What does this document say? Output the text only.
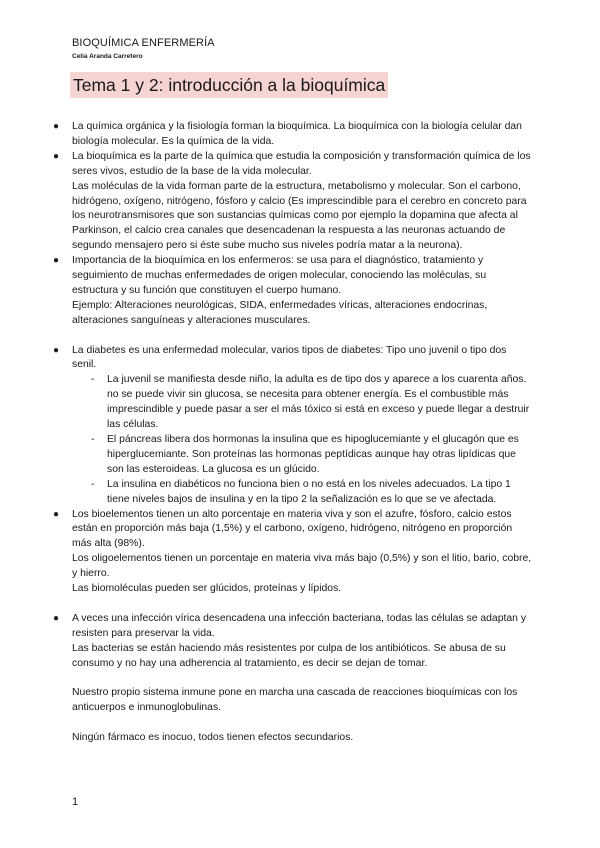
BIOQUÍMICA ENFERMERÍA
Celia Aranda Carretero
Tema 1 y 2: introducción a la bioquímica
● La química orgánica y la fisiología forman la bioquímica. La bioquímica con la biología celular dan biología molecular. Es la química de la vida.

● La bioquímica es la parte de la química que estudia la composición y transformación química de los seres vivos, estudio de la base de la vida molecular.

Las moléculas de la vida forman parte de la estructura, metabolismo y molecular. Son el carbono, hidrógeno, oxígeno, nitrógeno, fósforo y calcio (Es imprescindible para el cerebro en concreto para los neurotransmisores que son sustancias químicas como por ejemplo la dopamina que afecta al Parkinson, el calcio crea canales que desencadenan la respuesta a las neuronas actuando de segundo mensajero pero si éste sube mucho sus niveles podría matar a la neurona).

● Importancia de la bioquímica en los enfermeros: se usa para el diagnóstico, tratamiento y seguimiento de muchas enfermedades de origen molecular, conociendo las moléculas, su estructura y su función que constituyen el cuerpo humano.

Ejemplo: Alteraciones neurológicas, SIDA, enfermedades víricas, alteraciones endocrinas, alteraciones sanguíneas y alteraciones musculares.

● La diabetes es una enfermedad molecular, varios tipos de diabetes: Tipo uno juvenil o tipo dos senil.

- La juvenil se manifiesta desde niño, la adulta es de tipo dos y aparece a los cuarenta años. no se puede vivir sin glucosa, se necesita para obtener energía. Es el combustible más imprescindible y puede pasar a ser el más tóxico si está en exceso y puede llegar a destruir las células.

- El páncreas libera dos hormonas la insulina que es hipoglucemiante y el glucagón que es hiperglucemiante. Son proteínas las hormonas peptídicas aunque hay otras lipídicas que son las esteroideas. La glucosa es un glúcido.

- La insulina en diabéticos no funciona bien o no está en los niveles adecuados. La tipo 1 tiene niveles bajos de insulina y en la tipo 2 la señalización es lo que se ve afectada.

● Los bioelementos tienen un alto porcentaje en materia viva y son el azufre, fósforo, calcio estos están en proporción más baja (1,5%) y el carbono, oxígeno, hidrógeno, nitrógeno en proporción más alta (98%).

Los oligoelementos tienen un porcentaje en materia viva más bajo (0,5%) y son el litio, bario, cobre, y hierro.

Las biomoléculas pueden ser glúcidos, proteínas y lípidos.

● A veces una infección vírica desencadena una infección bacteriana, todas las células se adaptan y resisten para preservar la vida.

Las bacterias se están haciendo más resistentes por culpa de los antibióticos. Se abusa de su consumo y no hay una adherencia al tratamiento, es decir se dejan de tomar.

Nuestro propio sistema inmune pone en marcha una cascada de reacciones bioquímicas con los anticuerpos e inmunoglobulinas.

Ningún fármaco es inocuo, todos tienen efectos secundarios.

1
